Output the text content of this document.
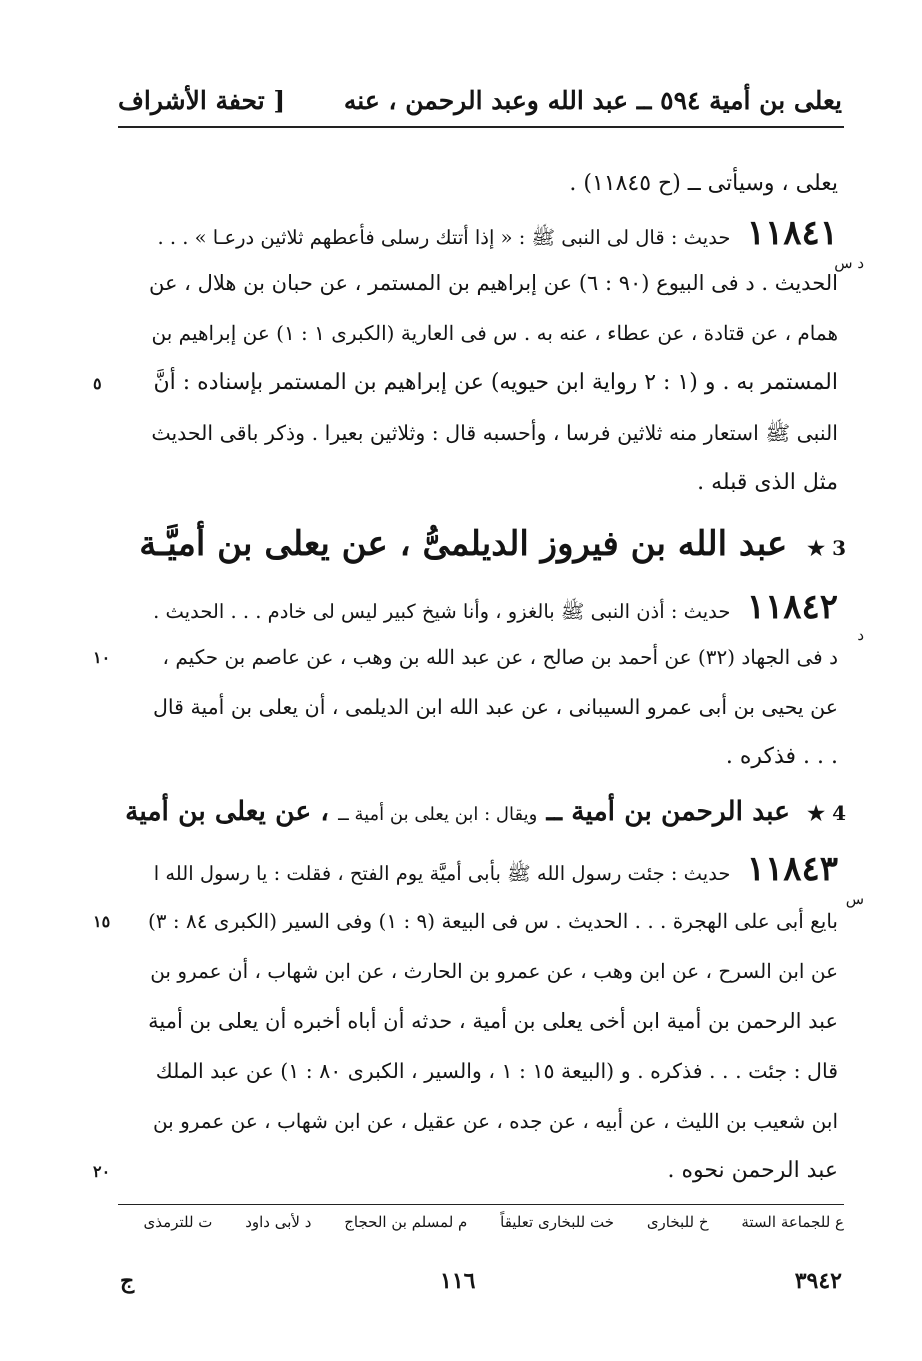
يعلى بن أمية ٥٩٤ ــ عبد الله وعبد الرحمن ، عنه
[ تحفة الأشراف
يعلى ، وسيأتى ــ (ح ١١٨٤٥) .
١١٨٤١ حديث : قال لى النبى ﷺ : « إذا أتتك رسلى فأعطهم ثلاثين درعـا » . . .
د س
الحديث . د فى البيوع (٩٠ : ٦) عن إبراهيم بن المستمر ، عن حبان بن هلال ، عن
همام ، عن قتادة ، عن عطاء ، عنه به . س فى العارية (الكبرى ١ : ١) عن إبراهيم بن
المستمر به . و (١ : ٢ رواية ابن حيويه) عن إبراهيم بن المستمر بإسناده : أنَّ
٥
النبى ﷺ استعار منه ثلاثين فرسا ، وأحسبه قال : وثلاثين بعيرا . وذكر باقى الحديث
مثل الذى قبله .
3 ★ عبد الله بن فيروز الديلمىُّ ، عن يعلى بن أميَّـة
١١٨٤٢ حديث : أذن النبى ﷺ بالغزو ، وأنا شيخ كبير ليس لى خادم . . . الحديث .
د
د فى الجهاد (٣٢) عن أحمد بن صالح ، عن عبد الله بن وهب ، عن عاصم بن حكيم ،
١٠
عن يحيى بن أبى عمرو السيبانى ، عن عبد الله ابن الديلمى ، أن يعلى بن أمية قال
. . . فذكره .
4 ★ عبد الرحمن بن أمية ــ ويقال : ابن يعلى بن أمية ــ ، عن يعلى بن أمية
١١٨٤٣ حديث : جئت رسول الله ﷺ بأبى أميَّة يوم الفتح ، فقلت : يا رسول الله ا
س
بايع أبى على الهجرة . . . الحديث . س فى البيعة (٩ : ١) وفى السير (الكبرى ٨٤ : ٣)
١٥
عن ابن السرح ، عن ابن وهب ، عن عمرو بن الحارث ، عن ابن شهاب ، أن عمرو بن
عبد الرحمن بن أمية ابن أخى يعلى بن أمية ، حدثه أن أباه أخبره أن يعلى بن أمية
قال : جئت . . . فذكره . و (البيعة ١٥ : ١ ، والسير ، الكبرى ٨٠ : ١) عن عبد الملك
ابن شعيب بن الليث ، عن أبيه ، عن جده ، عن عقيل ، عن ابن شهاب ، عن عمرو بن
عبد الرحمن نحوه .
٢٠
ع للجماعة الستة خ للبخارى خت للبخارى تعليقاً م لمسلم بن الحجاج د لأبى داود ت للترمذى
٣٩٤٢
١١٦
ج
